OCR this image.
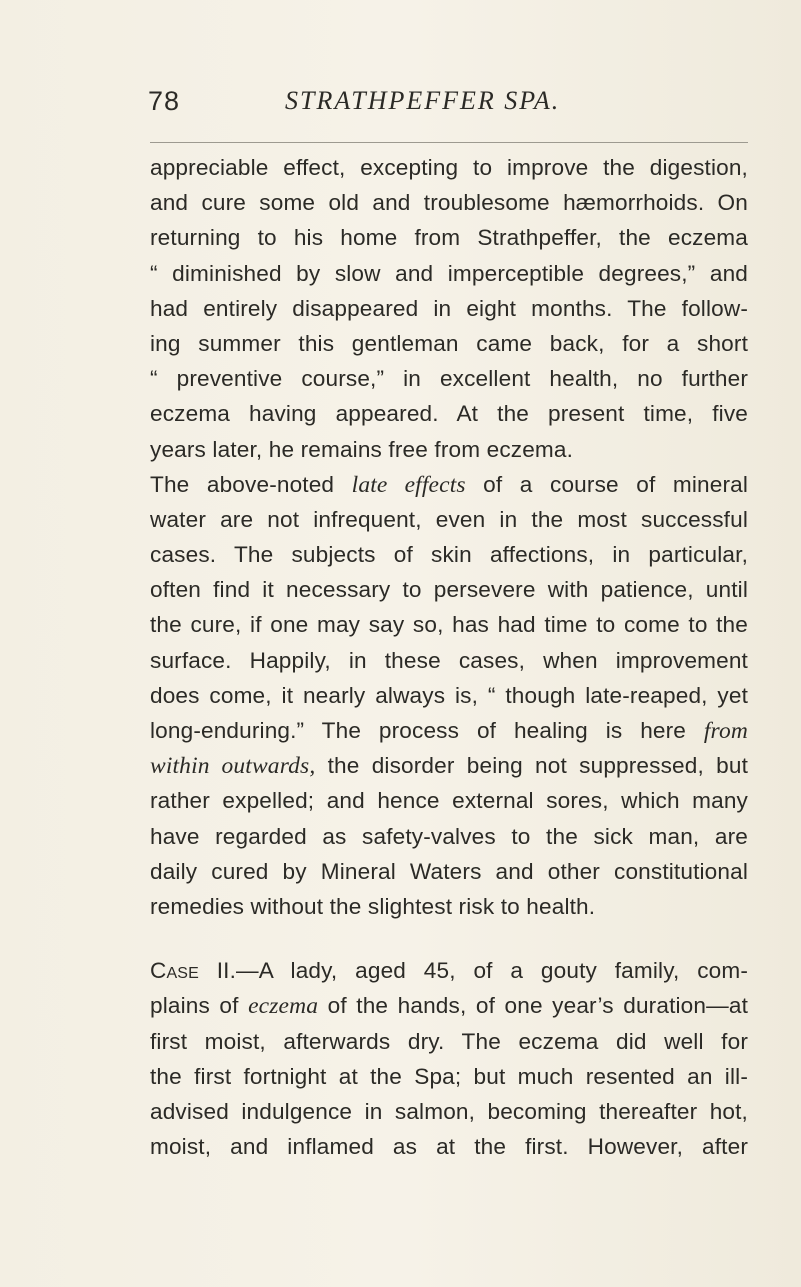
78	STRATHPEFFER SPA.
appreciable effect, excepting to improve the digestion,
and cure some old and troublesome hæmorrhoids. On
returning to his home from Strathpeffer, the eczema
“ diminished by slow and imperceptible degrees,” and
had entirely disappeared in eight months. The follow-
ing summer this gentleman came back, for a short
“ preventive course,” in excellent health, no further
eczema having appeared. At the present time, five
years later, he remains free from eczema.
The above-noted late effects of a course of mineral
water are not infrequent, even in the most successful
cases. The subjects of skin affections, in particular,
often find it necessary to persevere with patience, until
the cure, if one may say so, has had time to come to the
surface. Happily, in these cases, when improvement
does come, it nearly always is, “ though late-reaped, yet
long-enduring.” The process of healing is here from
within outwards, the disorder being not suppressed, but
rather expelled; and hence external sores, which many
have regarded as safety-valves to the sick man, are
daily cured by Mineral Waters and other constitutional
remedies without the slightest risk to health.
Case II.—A lady, aged 45, of a gouty family, com-
plains of eczema of the hands, of one year’s duration—at
first moist, afterwards dry. The eczema did well for
the first fortnight at the Spa; but much resented an ill-
advised indulgence in salmon, becoming thereafter hot,
moist, and inflamed as at the first. However, after
